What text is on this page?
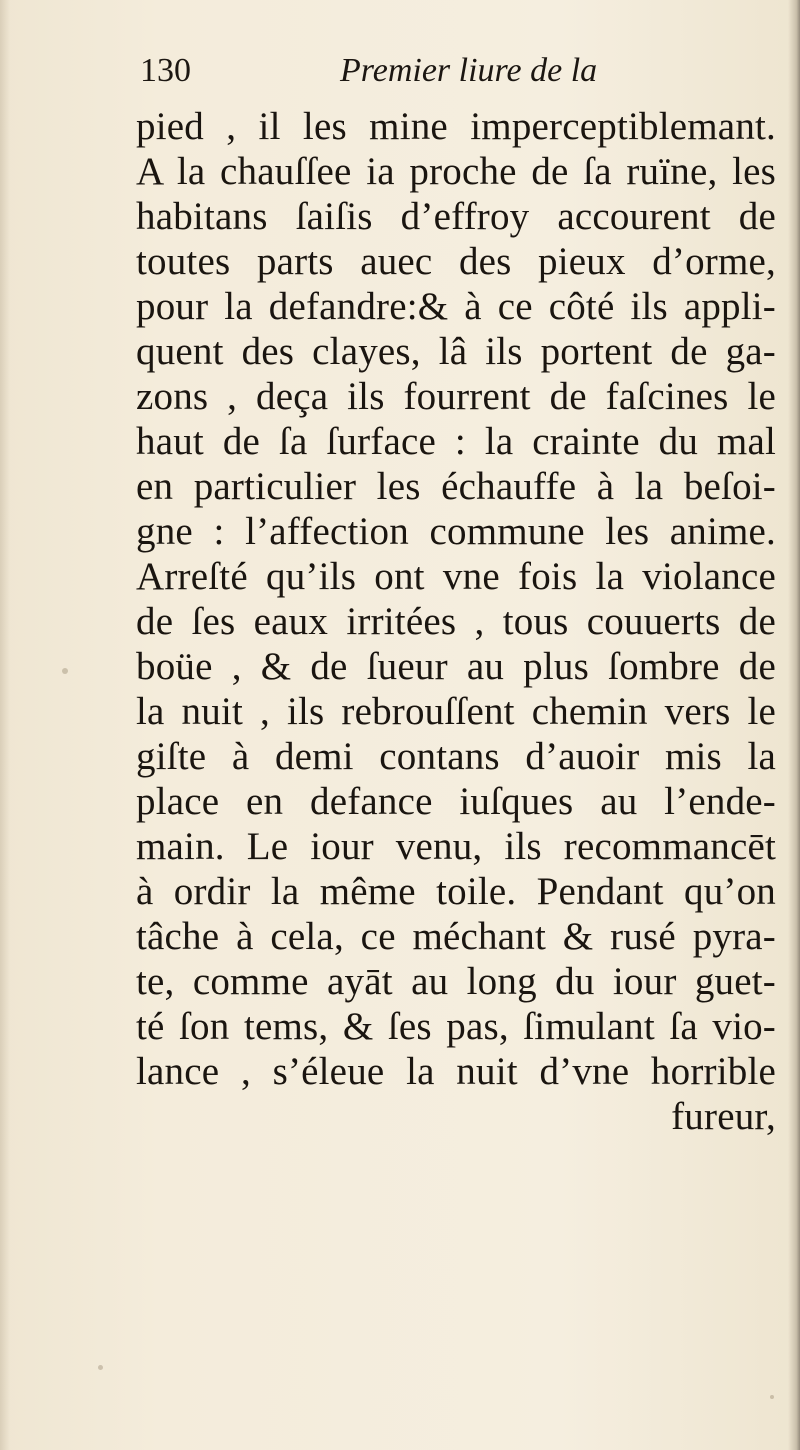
130	Premier liure de la
pied , il les mine imperceptiblemant.
A la chauſſee ia proche de ſa ruïne, les
habitans ſaiſis d’effroy accourent de
toutes parts auec des pieux d’orme,
pour la defandre:& à ce côté ils appli-
quent des clayes, lâ ils portent de ga-
zons , deça ils fourrent de faſcines le
haut de ſa ſurface : la crainte du mal
en particulier les échauffe à la beſoi-
gne : l’affection commune les anime.
Arreſté qu’ils ont vne fois la violance
de ſes eaux irritées , tous couuerts de
boüe , & de ſueur au plus ſombre de
la nuit , ils rebrouſſent chemin vers le
giſte à demi contans d’auoir mis la
place en defance iuſques au l’ende-
main. Le iour venu, ils recommancēt
à ordir la même toile. Pendant qu’on
tâche à cela, ce méchant & rusé pyra-
te, comme ayāt au long du iour guet-
té ſon tems, & ſes pas, ſimulant ſa vio-
lance , s’éleue la nuit d’vne horrible
fureur,
